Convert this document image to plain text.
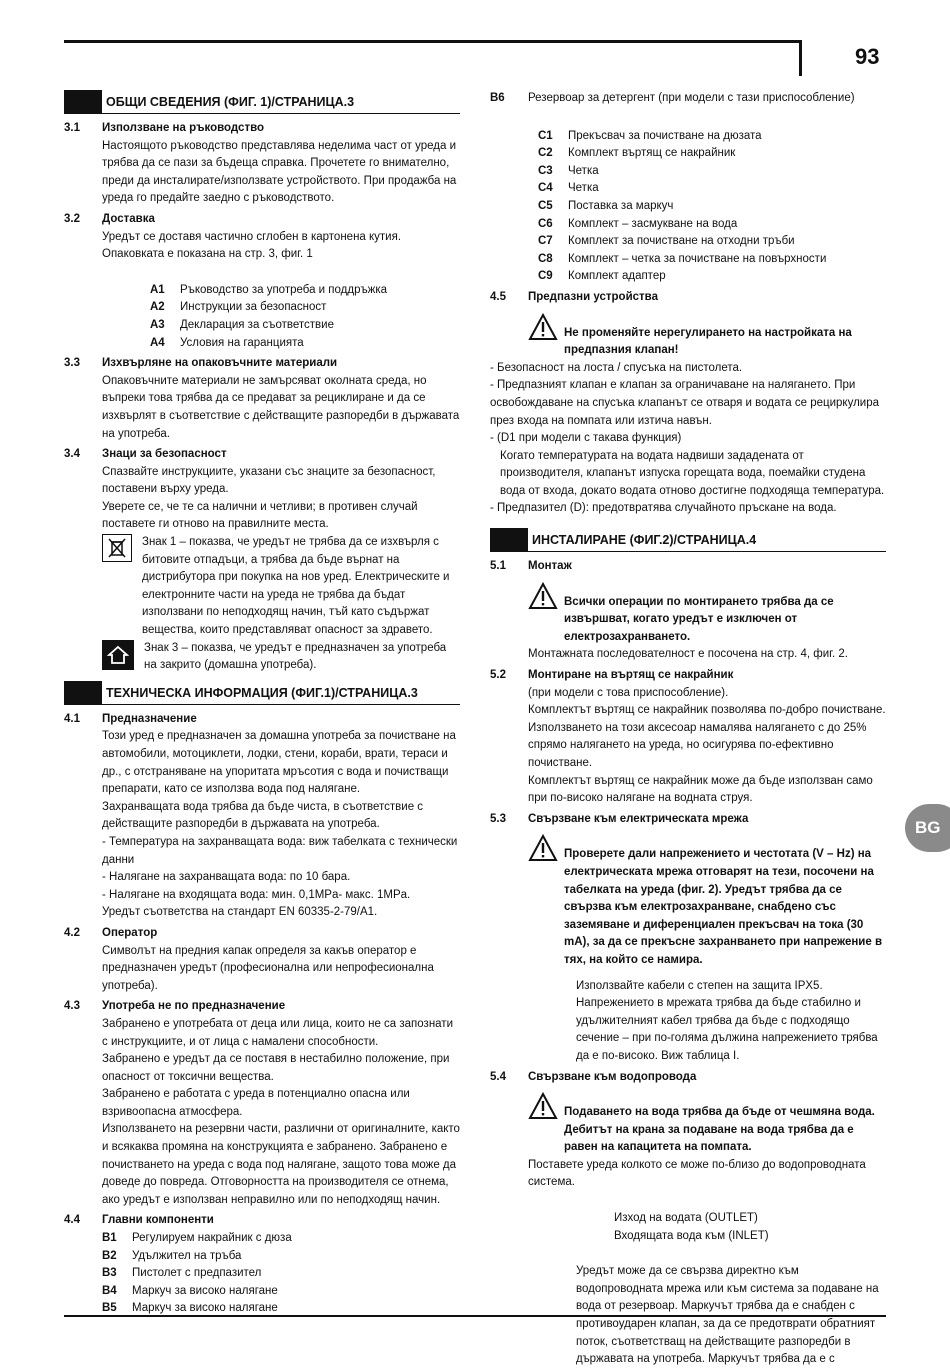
93
BG
ОБЩИ СВЕДЕНИЯ (ФИГ. 1)/СТРАНИЦА.3
3.1	Използване на ръководство

Настоящото ръководство представлява неделима част от уреда и трябва да се пази за бъдеща справка. Прочетете го внимателно, преди да инсталирате/използвате устройството. При продажба на уреда го предайте заедно с ръководството.

3.2	Доставка

Уредът се доставя частично сглобен в картонена кутия.

Опаковката е показана на стр. 3, фиг. 1

A1	Ръководство за употреба и поддръжка
A2	Инструкции за безопасност
A3	Декларация за съответствие
A4	Условия на гаранцията
3.3	Изхвърляне на опаковъчните материали

Опаковъчните материали не замърсяват околната среда, но въпреки това трябва да се предават за рециклиране и да се изхвърлят в съответствие с действащите разпоредби в държавата на употреба.

3.4	Знаци за безопасност

Спазвайте инструкциите, указани със знаците за безопасност, поставени върху уреда.

Уверете се, че те са налични и четливи; в противен случай поставете ги отново на правилните места.

Знак 1 – показва, че уредът не трябва да се изхвърля с битовите отпадъци, а трябва да бъде върнат на дистрибутора при покупка на нов уред. Електрическите и електронните части на уреда не трябва да бъдат използвани по неподходящ начин, тъй като съдържат вещества, които представляват опасност за здравето.

Знак 3 – показва, че уредът е предназначен за употреба на закрито (домашна употреба).

ТЕХНИЧЕСКА ИНФОРМАЦИЯ (ФИГ.1)/СТРАНИЦА.3
4.1	Предназначение

Този уред е предназначен за домашна употреба за почистване на автомобили, мотоциклети, лодки, стени, кораби, врати, тераси и др., с отстраняване на упоритата мръсотия с вода и почистващи препарати, като се използва вода под налягане.

Захранващата вода трябва да бъде чиста, в съответствие с действащите разпоредби в държавата на употреба.

- Температура на захранващата вода: виж табелката с технически данни

- Налягане на захранващата вода: по 10 бара.

- Налягане на входящата вода: мин. 0,1MPa- макс. 1MPa.

Уредът съответства на стандарт EN 60335-2-79/A1.

4.2	Оператор

Символът на предния капак определя за какъв оператор е предназначен уредът (професионална или непрофесионална употреба).

4.3	Употреба не по предназначение

Забранено е употребата от деца или лица, които не са запознати с инструкциите, и от лица с намалени способности.

Забранено е уредът да се поставя в нестабилно положение, при опасност от токсични вещества.

Забранено е работата с уреда в потенциално опасна или взривоопасна атмосфера.

Използването на резервни части, различни от оригиналните, както и всякаква промяна на конструкцията е забранено. Забранено е почистването на уреда с вода под налягане, защото това може да доведе до повреда. Отговорността на производителя се отнема, ако уредът е използван неправилно или по неподходящ начин.

4.4	Главни компоненти
B1	Регулируем накрайник с дюза
B2	Удължител на тръба
B3	Пистолет с предпазител
B4	Маркуч за високо налягане
B5	Маркуч за високо налягане
B6	Резервоар за детергент (при модели с тази приспособление)

C1	Прекъсвач за почистване на дюзата
C2	Комплект въртящ се накрайник
C3	Четка
C4	Четка
C5	Поставка за маркуч
C6	Комплект – засмукване на вода
C7	Комплект за почистване на отходни тръби
C8	Комплект – четка за почистване на повърхности
C9	Комплект адаптер
4.5	Предпазни устройства

Не променяйте нерегулирането на настройката на предпазния клапан!

- Безопасност на лоста / спусъка на пистолета.

- Предпазният клапан е клапан за ограничаване на налягането. При освобождаване на спусъка клапанът се отваря и водата се рециркулира през входа на помпата или изтича навън.

- (D1 при модели с такава функция)

Когато температурата на водата надвиши зададената от производителя, клапанът изпуска горещата вода, поемайки студена вода от входа, докато водата отново достигне подходяща температура.

- Предпазител (D): предотвратява случайното пръскане на вода.

ИНСТАЛИРАНЕ (ФИГ.2)/СТРАНИЦА.4
5.1	Монтаж

Всички операции по монтирането трябва да се извършват, когато уредът е изключен от електрозахранването.

Монтажната последователност е посочена на стр. 4, фиг. 2.

5.2	Монтиране на въртящ се накрайник

(при модели с това приспособление).

Комплектът въртящ се накрайник позволява по-добро почистване. Използването на този аксесоар намалява налягането с до 25% спрямо налягането на уреда, но осигурява по-ефективно почистване.

Комплектът въртящ се накрайник може да бъде използван само при по-високо налягане на водната струя.

5.3	Свързване към електрическата мрежа

Проверете дали напрежението и честотата (V – Hz) на електрическата мрежа отговарят на тези, посочени на табелката на уреда (фиг. 2). Уредът трябва да се свързва към електрозахранване, снабдено със заземяване и диференциален прекъсвач на тока (30 mA), за да се прекъсне захранването при напрежение в тях, на който се намира.

Използвайте кабели с степен на защита IPX5.

Напрежението в мрежата трябва да бъде стабилно и удължителният кабел трябва да бъде с подходящо сечение – при по-голяма дължина напрежението трябва да е по-високо. Виж таблица I.

5.4	Свързване към водопровода

Подаването на вода трябва да бъде от чешмяна вода. Дебитът на крана за подаване на вода трябва да е равен на капацитета на помпата.

Поставете уреда колкото се може по-близо до водопроводната система.

Изход на водата (OUTLET)

Входящата вода към (INLET)

Уредът може да се свързва директно към водопроводната мрежа или към система за подаване на вода от резервоар. Маркучът трябва да е снабден с противоударен клапан, за да се предотврати обратният поток, съответстващ на действащите разпоредби в държавата на употреба. Маркучът трябва да е с
